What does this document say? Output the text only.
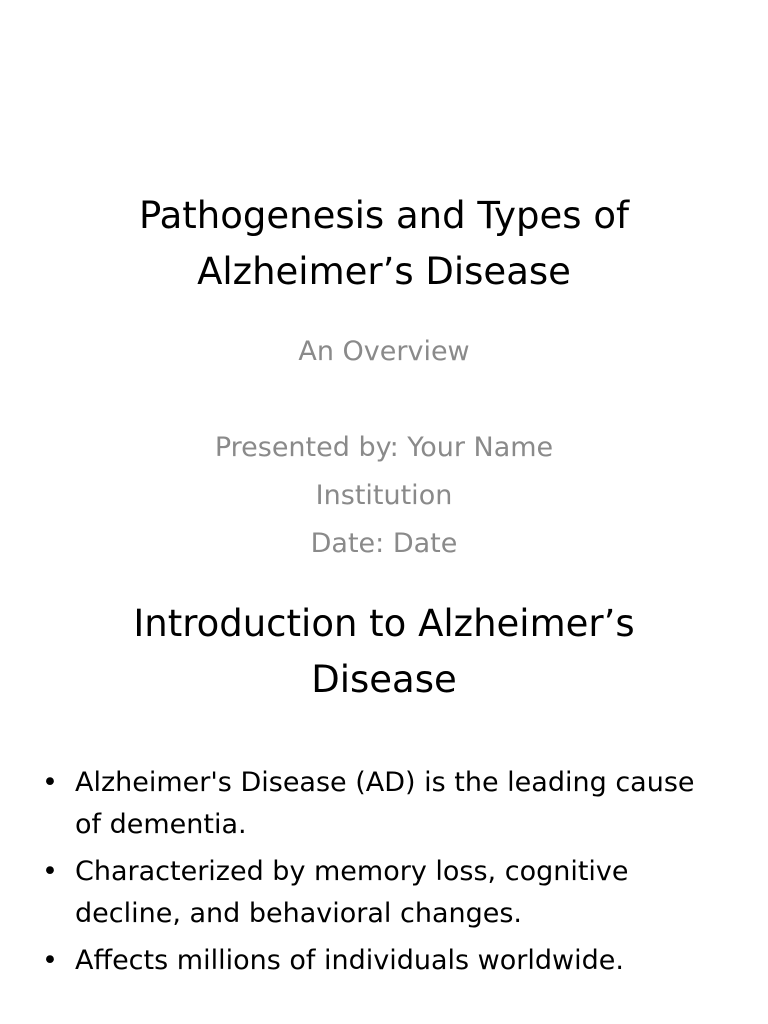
Pathogenesis and Types of
Alzheimer’s Disease
An Overview
Presented by: Your Name
Institution
Date: Date
Introduction to Alzheimer’s
Disease
• Alzheimer's Disease (AD) is the leading cause of dementia.
• Characterized by memory loss, cognitive decline, and behavioral changes.
• Affects millions of individuals worldwide.
